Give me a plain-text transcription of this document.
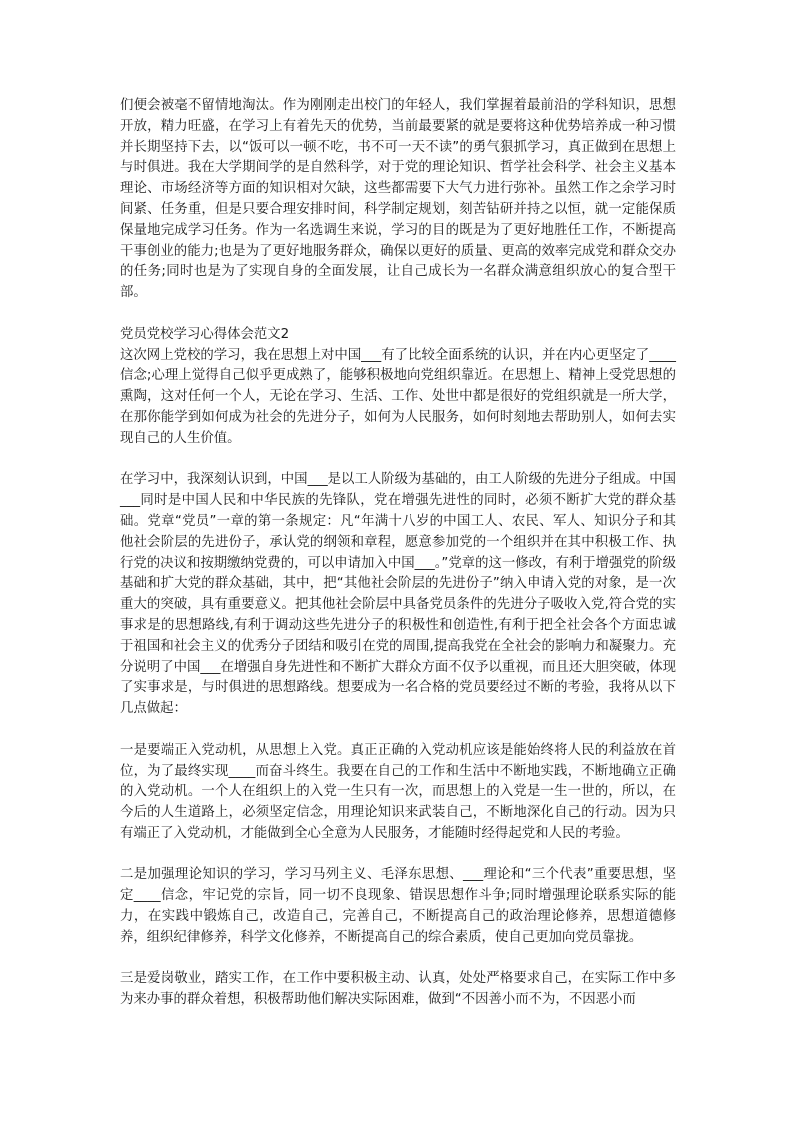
们便会被毫不留情地淘汰。作为刚刚走出校门的年轻人，我们掌握着最前沿的学科知识，思想开放，精力旺盛，在学习上有着先天的优势，当前最要紧的就是要将这种优势培养成一种习惯并长期坚持下去，以“饭可以一顿不吃，书不可一天不读”的勇气狠抓学习，真正做到在思想上与时俱进。我在大学期间学的是自然科学，对于党的理论知识、哲学社会科学、社会主义基本理论、市场经济等方面的知识相对欠缺，这些都需要下大气力进行弥补。虽然工作之余学习时间紧、任务重，但是只要合理安排时间，科学制定规划，刻苦钻研并持之以恒，就一定能保质保量地完成学习任务。作为一名选调生来说，学习的目的既是为了更好地胜任工作，不断提高干事创业的能力;也是为了更好地服务群众，确保以更好的质量、更高的效率完成党和群众交办的任务;同时也是为了实现自身的全面发展，让自己成长为一名群众满意组织放心的复合型干部。

党员党校学习心得体会范文2

这次网上党校的学习，我在思想上对中国___有了比较全面系统的认识，并在内心更坚定了____信念;心理上觉得自己似乎更成熟了，能够积极地向党组织靠近。在思想上、精神上受党思想的熏陶，这对任何一个人，无论在学习、生活、工作、处世中都是很好的党组织就是一所大学，在那你能学到如何成为社会的先进分子，如何为人民服务，如何时刻地去帮助别人，如何去实现自己的人生价值。

在学习中，我深刻认识到，中国___是以工人阶级为基础的，由工人阶级的先进分子组成。中国___同时是中国人民和中华民族的先锋队，党在增强先进性的同时，必须不断扩大党的群众基础。党章“党员”一章的第一条规定：凡“年满十八岁的中国工人、农民、军人、知识分子和其他社会阶层的先进份子，承认党的纲领和章程，愿意参加党的一个组织并在其中积极工作、执行党的决议和按期缴纳党费的，可以申请加入中国___。”党章的这一修改，有利于增强党的阶级基础和扩大党的群众基础，其中，把“其他社会阶层的先进份子”纳入申请入党的对象，是一次重大的突破，具有重要意义。把其他社会阶层中具备党员条件的先进分子吸收入党,符合党的实事求是的思想路线,有利于调动这些先进分子的积极性和创造性,有利于把全社会各个方面忠诚于祖国和社会主义的优秀分子团结和吸引在党的周围,提高我党在全社会的影响力和凝聚力。充分说明了中国___在增强自身先进性和不断扩大群众方面不仅予以重视，而且还大胆突破，体现了实事求是，与时俱进的思想路线。想要成为一名合格的党员要经过不断的考验，我将从以下几点做起：

一是要端正入党动机，从思想上入党。真正正确的入党动机应该是能始终将人民的利益放在首位，为了最终实现____而奋斗终生。我要在自己的工作和生活中不断地实践，不断地确立正确的入党动机。一个人在组织上的入党一生只有一次，而思想上的入党是一生一世的，所以，在今后的人生道路上，必须坚定信念，用理论知识来武装自己，不断地深化自己的行动。因为只有端正了入党动机，才能做到全心全意为人民服务，才能随时经得起党和人民的考验。

二是加强理论知识的学习，学习马列主义、毛泽东思想、___理论和“三个代表”重要思想，坚定____信念，牢记党的宗旨，同一切不良现象、错误思想作斗争;同时增强理论联系实际的能力，在实践中锻炼自己，改造自己，完善自己，不断提高自己的政治理论修养，思想道德修养，组织纪律修养，科学文化修养，不断提高自己的综合素质，使自己更加向党员靠拢。

三是爱岗敬业，踏实工作，在工作中要积极主动、认真，处处严格要求自己，在实际工作中多为来办事的群众着想，积极帮助他们解决实际困难，做到“不因善小而不为，不因恶小而
